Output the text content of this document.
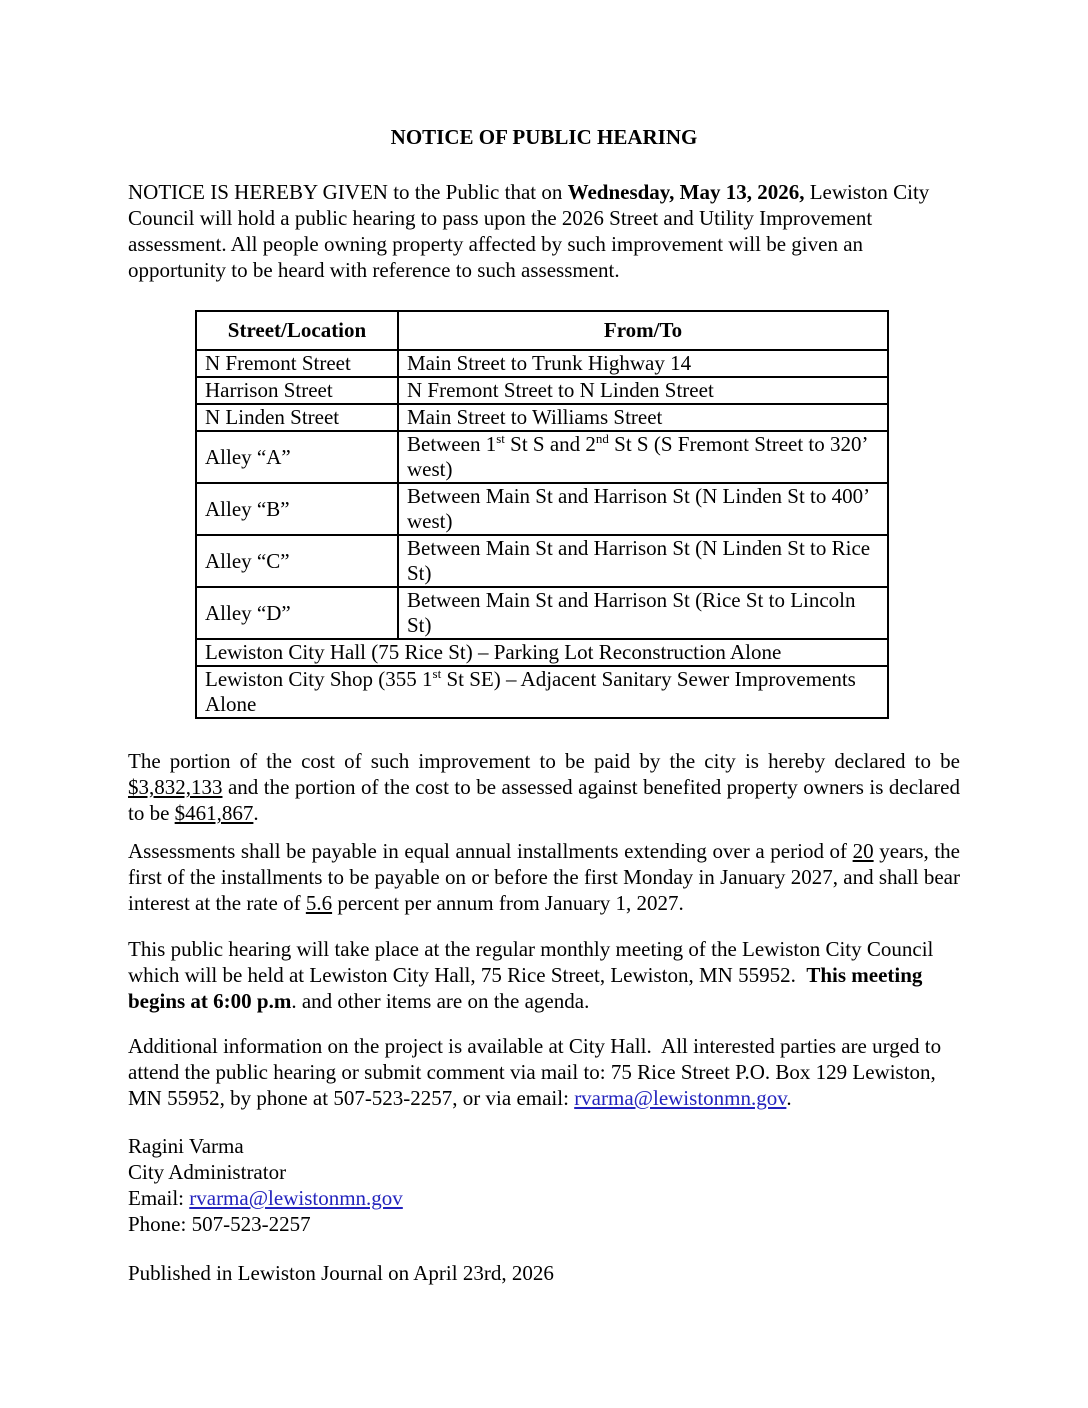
NOTICE OF PUBLIC HEARING

NOTICE IS HEREBY GIVEN to the Public that on Wednesday, May 13, 2026, Lewiston City Council will hold a public hearing to pass upon the 2026 Street and Utility Improvement assessment. All people owning property affected by such improvement will be given an opportunity to be heard with reference to such assessment.

Street/Location	From/To
N Fremont Street	Main Street to Trunk Highway 14
Harrison Street	N Fremont Street to N Linden Street
N Linden Street	Main Street to Williams Street
Alley “A”	Between 1st St S and 2nd St S (S Fremont Street to 320’ west)
Alley “B”	Between Main St and Harrison St (N Linden St to 400’ west)
Alley “C”	Between Main St and Harrison St (N Linden St to Rice St)
Alley “D”	Between Main St and Harrison St (Rice St to Lincoln St)
Lewiston City Hall (75 Rice St) – Parking Lot Reconstruction Alone	
Lewiston City Shop (355 1st St SE) – Adjacent Sanitary Sewer Improvements Alone	

The portion of the cost of such improvement to be paid by the city is hereby declared to be $3,832,133 and the portion of the cost to be assessed against benefited property owners is declared to be $461,867.

Assessments shall be payable in equal annual installments extending over a period of 20 years, the first of the installments to be payable on or before the first Monday in January 2027, and shall bear interest at the rate of 5.6 percent per annum from January 1, 2027.

This public hearing will take place at the regular monthly meeting of the Lewiston City Council which will be held at Lewiston City Hall, 75 Rice Street, Lewiston, MN 55952.  This meeting begins at 6:00 p.m. and other items are on the agenda.

Additional information on the project is available at City Hall.  All interested parties are urged to attend the public hearing or submit comment via mail to: 75 Rice Street P.O. Box 129 Lewiston, MN 55952, by phone at 507-523-2257, or via email: rvarma@lewistonmn.gov.

Ragini Varma
City Administrator
Email: rvarma@lewistonmn.gov
Phone: 507-523-2257

Published in Lewiston Journal on April 23rd, 2026
